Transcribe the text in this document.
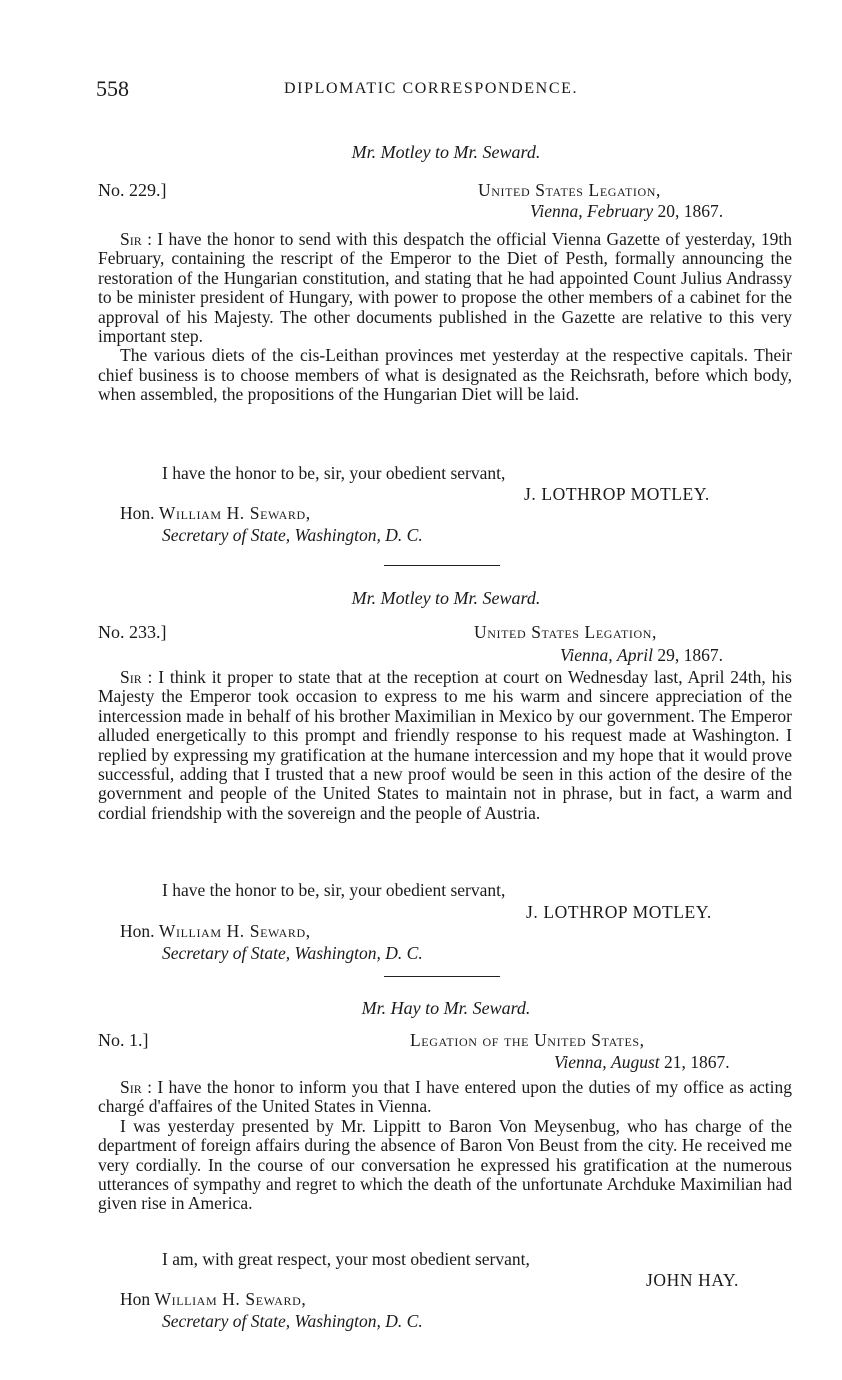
558	DIPLOMATIC CORRESPONDENCE.
Mr. Motley to Mr. Seward.
No. 229.]	United States Legation,
Vienna, February 20, 1867.

Sir : I have the honor to send with this despatch the official Vienna Gazette of yesterday, 19th February, containing the rescript of the Emperor to the Diet of Pesth, formally announcing the restoration of the Hungarian constitution, and stating that he had appointed Count Julius Andrassy to be minister president of Hungary, with power to propose the other members of a cabinet for the approval of his Majesty. The other documents published in the Gazette are relative to this very important step.

The various diets of the cis-Leithan provinces met yesterday at the respective capitals. Their chief business is to choose members of what is designated as the Reichsrath, before which body, when assembled, the propositions of the Hungarian Diet will be laid.

I have the honor to be, sir, your obedient servant,
J. LOTHROP MOTLEY.
Hon. William H. Seward,
Secretary of State, Washington, D. C.
Mr. Motley to Mr. Seward.
No. 233.]	United States Legation,
Vienna, April 29, 1867.

Sir : I think it proper to state that at the reception at court on Wednesday last, April 24th, his Majesty the Emperor took occasion to express to me his warm and sincere appreciation of the intercession made in behalf of his brother Maximilian in Mexico by our government. The Emperor alluded energetically to this prompt and friendly response to his request made at Washington. I replied by expressing my gratification at the humane intercession and my hope that it would prove successful, adding that I trusted that a new proof would be seen in this action of the desire of the government and people of the United States to maintain not in phrase, but in fact, a warm and cordial friendship with the sovereign and the people of Austria.

I have the honor to be, sir, your obedient servant,
J. LOTHROP MOTLEY.
Hon. William H. Seward,
Secretary of State, Washington, D. C.
Mr. Hay to Mr. Seward.
No. 1.]	Legation of the United States,
Vienna, August 21, 1867.

Sir : I have the honor to inform you that I have entered upon the duties of my office as acting chargé d'affaires of the United States in Vienna.

I was yesterday presented by Mr. Lippitt to Baron Von Meysenbug, who has charge of the department of foreign affairs during the absence of Baron Von Beust from the city. He received me very cordially. In the course of our conversation he expressed his gratification at the numerous utterances of sympathy and regret to which the death of the unfortunate Archduke Maximilian had given rise in America.

I am, with great respect, your most obedient servant,
JOHN HAY.
Hon William H. Seward,
Secretary of State, Washington, D. C.
